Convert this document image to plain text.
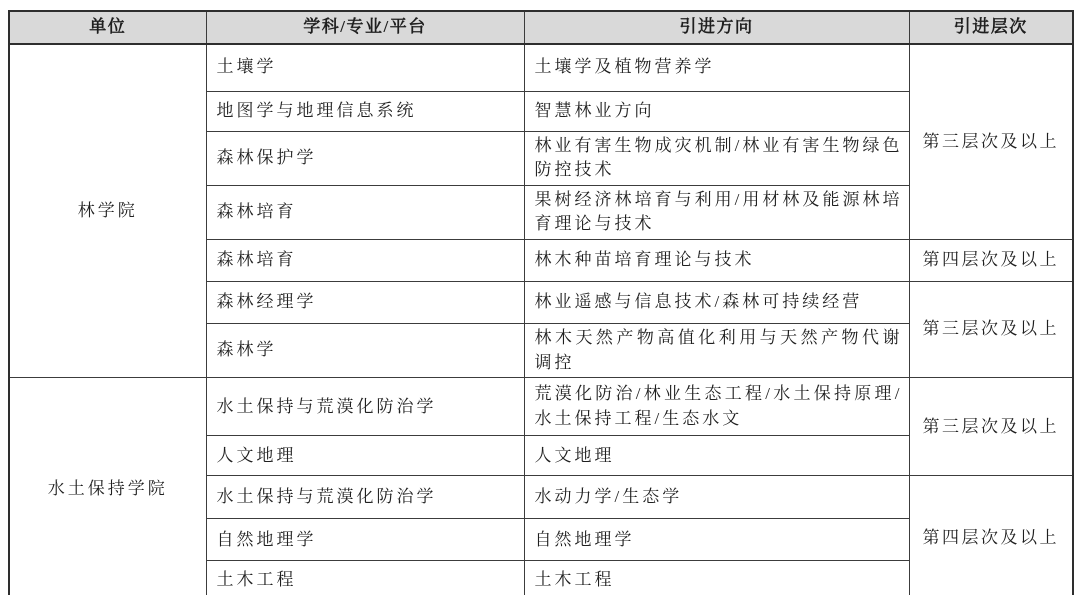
单位	学科/专业/平台	引进方向	引进层次
林学院	土壤学	土壤学及植物营养学	第三层次及以上
	地图学与地理信息系统	智慧林业方向	
	森林保护学	林业有害生物成灾机制/林业有害生物绿色防控技术	
	森林培育	果树经济林培育与利用/用材林及能源林培育理论与技术	
	森林培育	林木种苗培育理论与技术	第四层次及以上
	森林经理学	林业遥感与信息技术/森林可持续经营	第三层次及以上
	森林学	林木天然产物高值化利用与天然产物代谢调控	
水土保持学院	水土保持与荒漠化防治学	荒漠化防治/林业生态工程/水土保持原理/水土保持工程/生态水文	第三层次及以上
	人文地理	人文地理	
	水土保持与荒漠化防治学	水动力学/生态学	第四层次及以上
	自然地理学	自然地理学	
	土木工程	土木工程	
